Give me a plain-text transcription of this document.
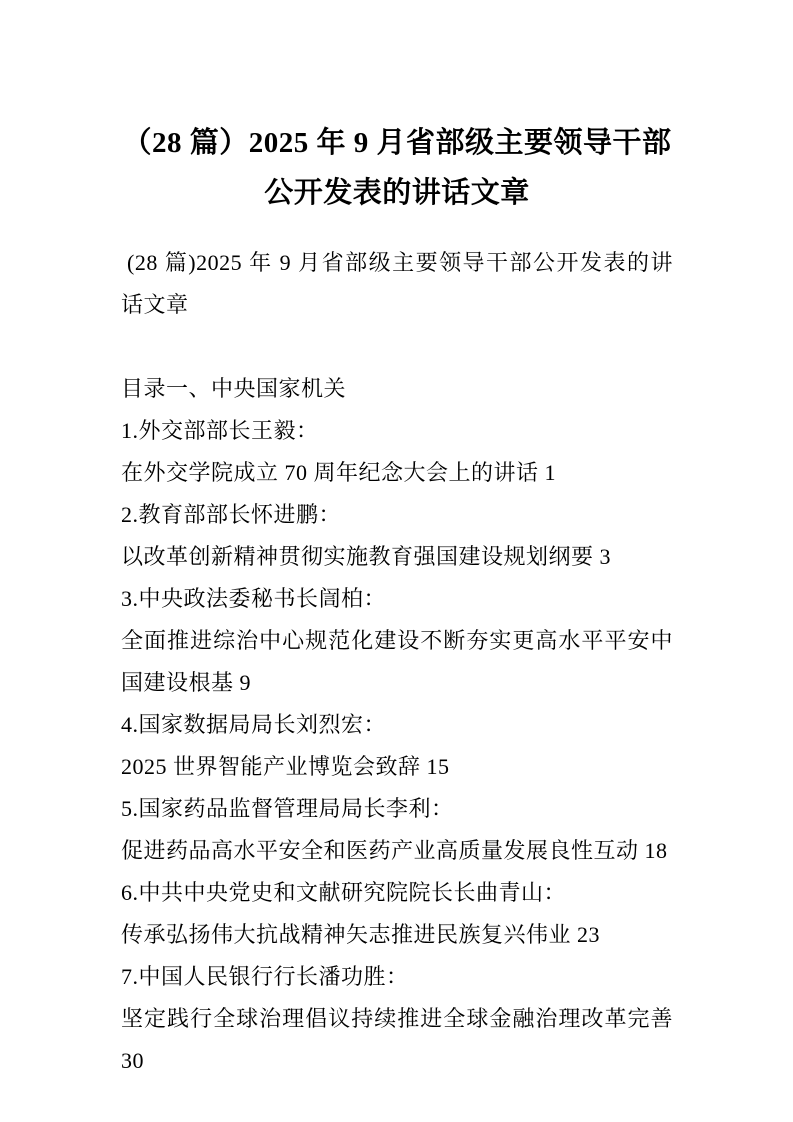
（28 篇）2025 年 9 月省部级主要领导干部公开发表的讲话文章

(28 篇)2025 年 9 月省部级主要领导干部公开发表的讲话文章

目录一、中央国家机关

1.外交部部长王毅：

在外交学院成立 70 周年纪念大会上的讲话 1

2.教育部部长怀进鹏：

以改革创新精神贯彻实施教育强国建设规划纲要 3

3.中央政法委秘书长訚柏：

全面推进综治中心规范化建设不断夯实更高水平平安中国建设根基 9

4.国家数据局局长刘烈宏：

2025 世界智能产业博览会致辞 15

5.国家药品监督管理局局长李利：

促进药品高水平安全和医药产业高质量发展良性互动 18

6.中共中央党史和文献研究院院长长曲青山：

传承弘扬伟大抗战精神矢志推进民族复兴伟业 23

7.中国人民银行行长潘功胜：

坚定践行全球治理倡议持续推进全球金融治理改革完善 30
